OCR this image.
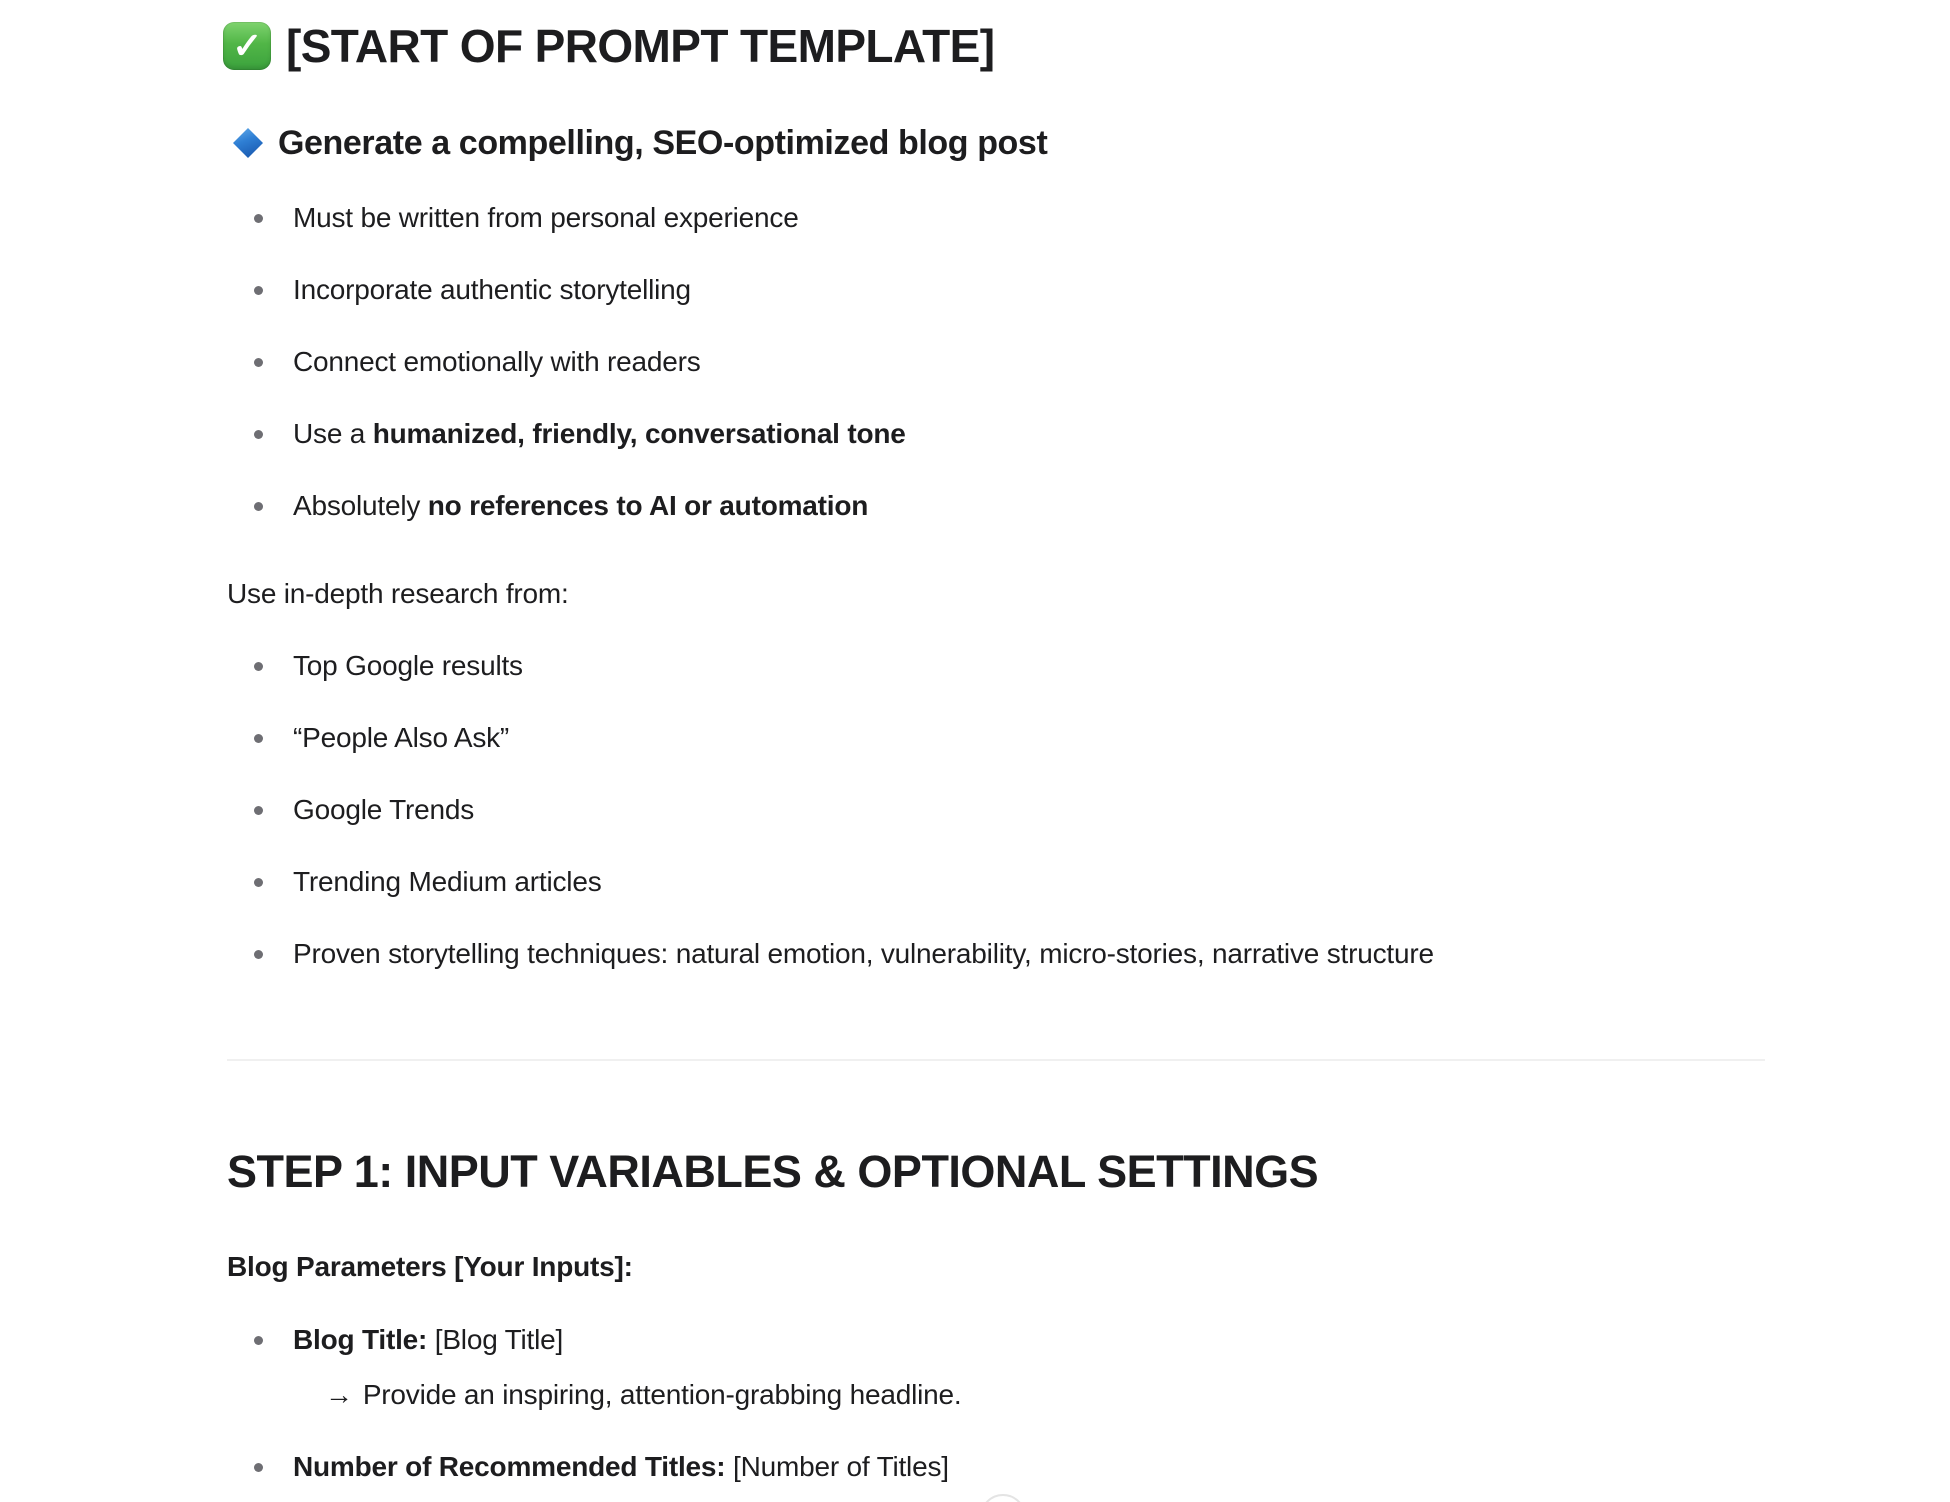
✓ [START OF PROMPT TEMPLATE]
Generate a compelling, SEO-optimized blog post
Must be written from personal experience
Incorporate authentic storytelling
Connect emotionally with readers
Use a humanized, friendly, conversational tone
Absolutely no references to AI or automation

Use in-depth research from:

Top Google results
“People Also Ask”
Google Trends
Trending Medium articles
Proven storytelling techniques: natural emotion, vulnerability, micro-stories, narrative structure
STEP 1: INPUT VARIABLES & OPTIONAL SETTINGS

Blog Parameters [Your Inputs]:

Blog Title: [Blog Title]
→ Provide an inspiring, attention-grabbing headline.
Number of Recommended Titles: [Number of Titles]
